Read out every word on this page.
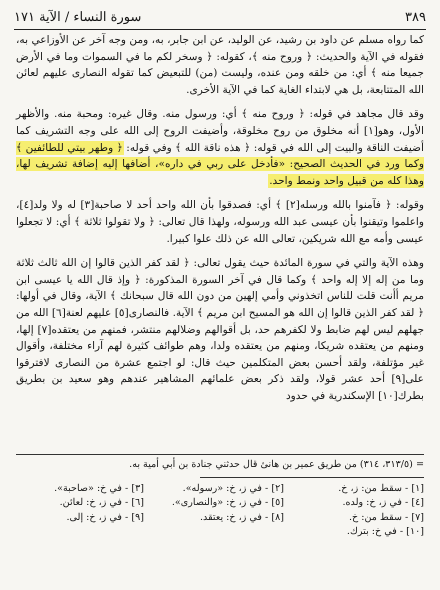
٣٨٩
سورة النساء / الآية ١٧١

كما رواه مسلم عن داود بن رشيد، عن الوليد، عن ابن جابر، به، ومن وجه آخر عن الأوزاعي به، فقوله في الآية والحديث: ﴿ وروح منه ﴾، كقوله: ﴿ وسخر لكم ما في السموات وما في الأرض جميعا منه ﴾ أي: من خلقه ومن عنده، وليست (من) للتبعيض كما تقوله النصارى عليهم لعائن الله المتتابعة، بل هي لابتداء الغاية كما في الآية الأخرى.

وقد قال مجاهد في قوله: ﴿ وروح منه ﴾ أي: ورسول منه. وقال غيره: ومحبة منه. والأظهر الأول، وهو[١] أنه مخلوق من روح مخلوقة، وأضيفت الروح إلى الله على وجه التشريف كما أضيفت الناقة والبيت إلى الله في قوله: ﴿ هذه ناقة الله ﴾ وفي قوله: ﴿ وطهر بيتي للطائفين ﴾ وكما ورد في الحديث الصحيح: «فأدخل على ربي في داره»، أضافها إليه إضافة تشريف لها، وهذا كله من قبيل واحد ونمط واحد.

وقوله: ﴿ فآمنوا بالله ورسله[٢] ﴾ أي: فصدقوا بأن الله واحد أحد لا صاحبة[٣] له ولا ولد[٤]، واعلموا وتيقنوا بأن عيسى عبد الله ورسوله، ولهذا قال تعالى: ﴿ ولا تقولوا ثلاثة ﴾ أي: لا تجعلوا عيسى وأمه مع الله شريكين، تعالى الله عن ذلك علوا كبيرا.

وهذه الآية والتي في سورة المائدة حيث يقول تعالى: ﴿ لقد كفر الذين قالوا إن الله ثالث ثلاثة وما من إله إلا إله واحد ﴾ وكما قال في آخر السورة المذكورة: ﴿ وإذ قال الله يا عيسى ابن مريم أأنت قلت للناس اتخذوني وأمي إلهين من دون الله قال سبحانك ﴾ الآية، وقال في أولها: ﴿ لقد كفر الذين قالوا إن الله هو المسيح ابن مريم ﴾ الآية. فالنصارى[٥] عليهم لعنة[٦] الله من جهلهم ليس لهم ضابط ولا لكفرهم حد، بل أقوالهم وضلالهم منتشر، فمنهم من يعتقده[٧] إلها، ومنهم من يعتقده شريكا، ومنهم من يعتقده ولدا، وهم طوائف كثيرة لهم آراء مختلفة، وأقوال غير مؤتلفة، ولقد أحسن بعض المتكلمين حيث قال: لو اجتمع عشرة من النصارى لافترقوا على[٩] أحد عشر قولا، ولقد ذكر بعض علمائهم المشاهير عندهم وهو سعيد بن بطريق بطرك[١٠] الإسكندرية في حدود

= (٣١٣/٥، ٣١٤) من طريق عمير بن هانئ قال حدثني جنادة بن أبي أمية به.
[١] - سقط من: ز، خ.
[٢] - في ز، خ: «رسوله».
[٣] - في خ: «صاحبة».
[٤] - في ز، خ: ولده.
[٥] - في ز، خ: «والنصارى».
[٦] - في ز، خ: لعائن.
[٧] - سقط من: خ.
[٨] - في ز، خ: يعتقد.
[٩] - في ز، خ: إلى.
[١٠] - في خ: بترك.
